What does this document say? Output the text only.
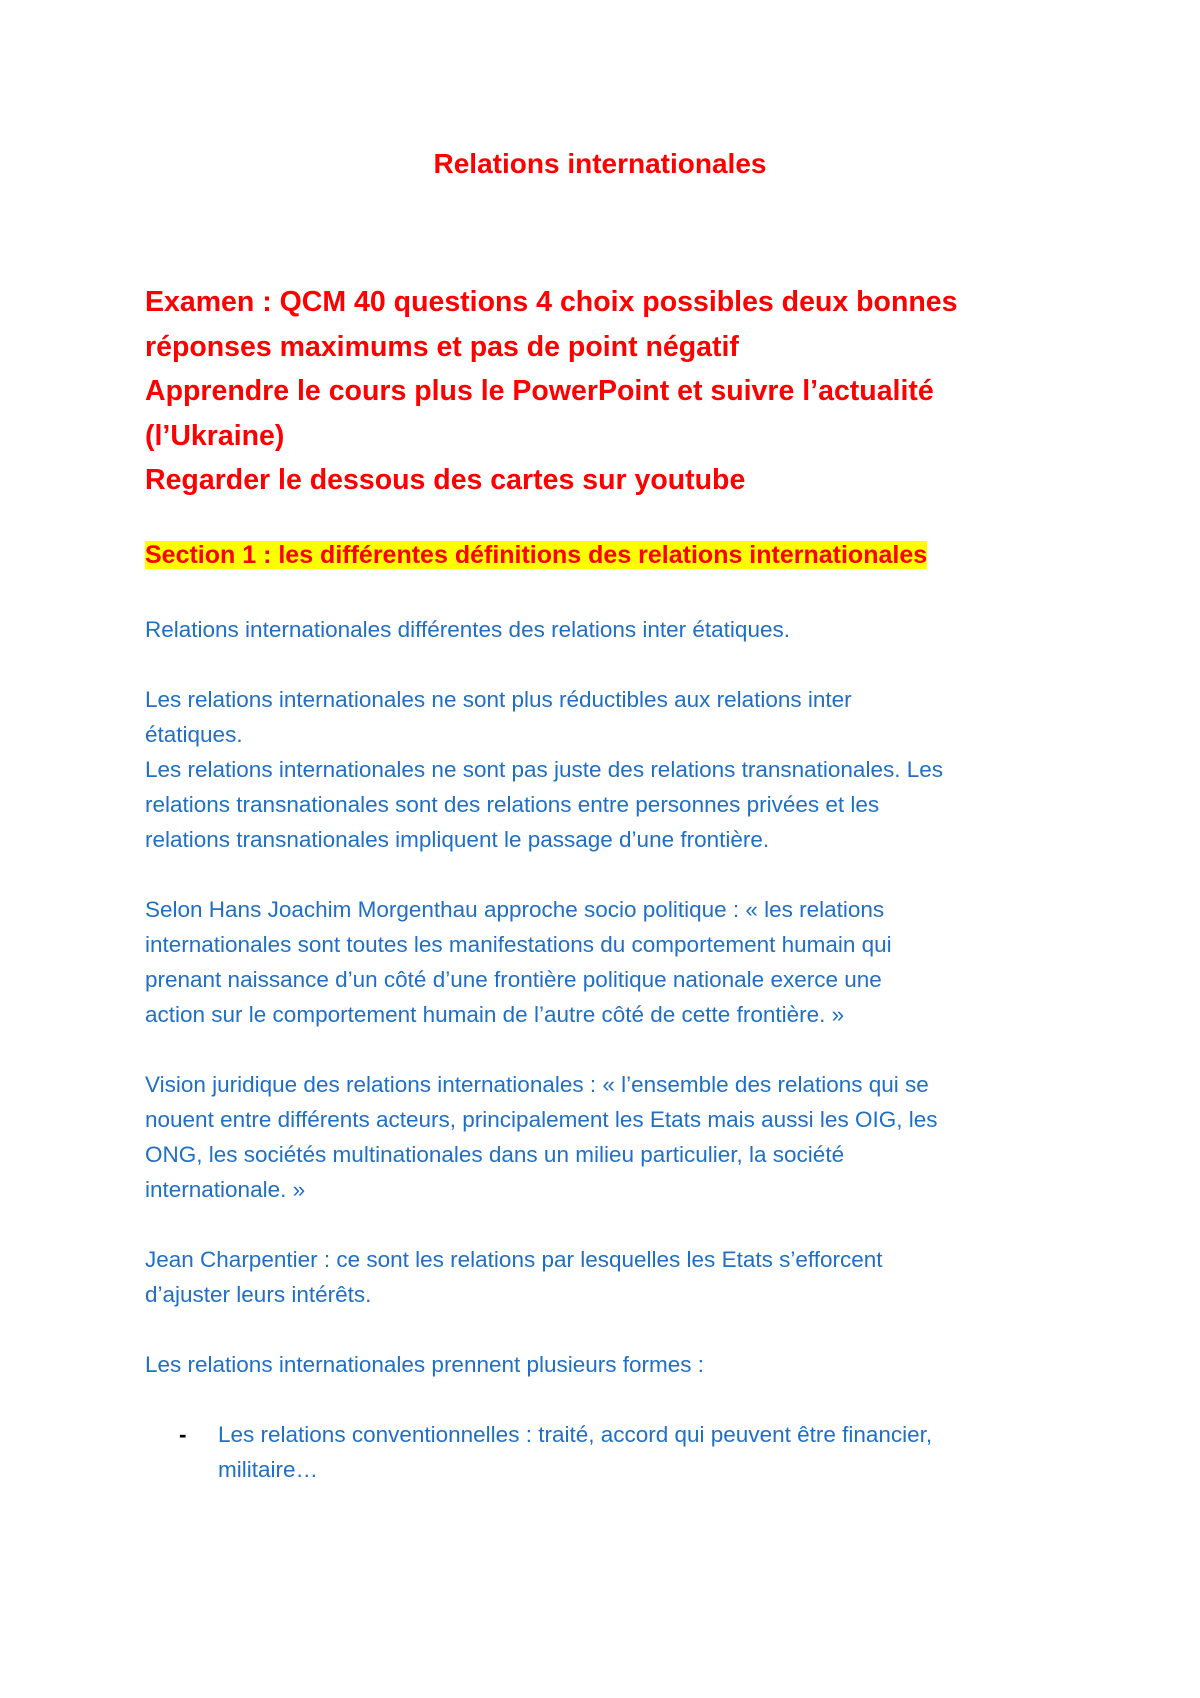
Relations internationales
Examen : QCM 40 questions 4 choix possibles deux bonnes
réponses maximums et pas de point négatif
Apprendre le cours plus le PowerPoint et suivre l’actualité
(l’Ukraine)
Regarder le dessous des cartes sur youtube
Section 1 : les différentes définitions des relations internationales

Relations internationales différentes des relations inter étatiques.

Les relations internationales ne sont plus réductibles aux relations inter
étatiques.
Les relations internationales ne sont pas juste des relations transnationales. Les
relations transnationales sont des relations entre personnes privées et les
relations transnationales impliquent le passage d’une frontière.

Selon Hans Joachim Morgenthau approche socio politique : « les relations
internationales sont toutes les manifestations du comportement humain qui
prenant naissance d’un côté d’une frontière politique nationale exerce une
action sur le comportement humain de l’autre côté de cette frontière. »

Vision juridique des relations internationales : « l’ensemble des relations qui se
nouent entre différents acteurs, principalement les Etats mais aussi les OIG, les
ONG, les sociétés multinationales dans un milieu particulier, la société
internationale. »

Jean Charpentier : ce sont les relations par lesquelles les Etats s’efforcent
d’ajuster leurs intérêts.

Les relations internationales prennent plusieurs formes :

- Les relations conventionnelles : traité, accord qui peuvent être financier,
militaire…
